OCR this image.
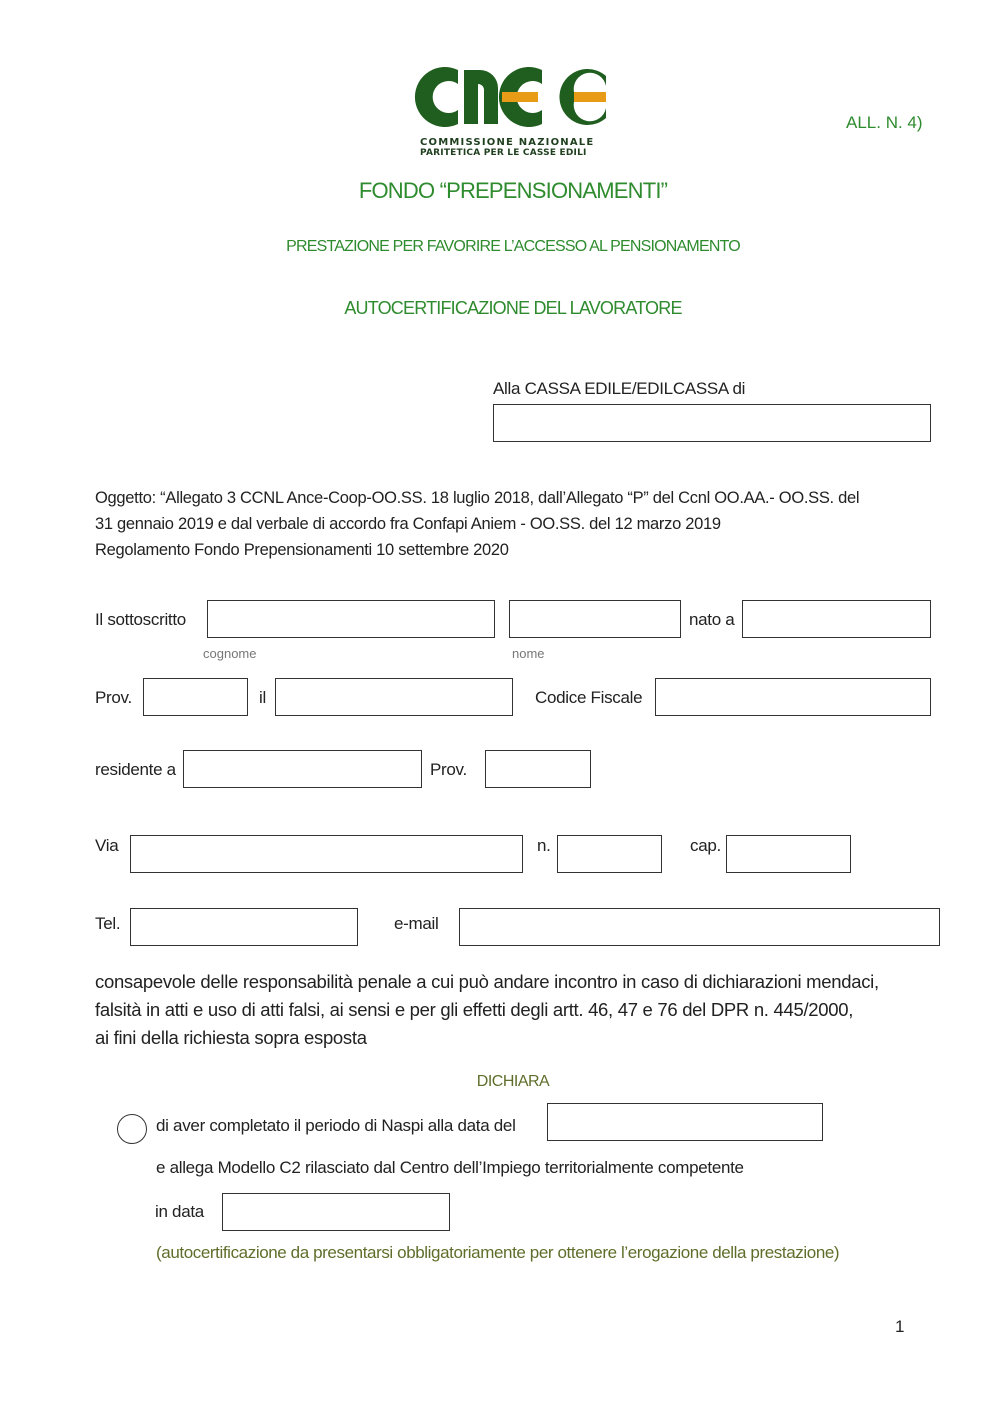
COMMISSIONE NAZIONALE
PARITETICA PER LE CASSE EDILI
ALL. N. 4)
FONDO “PREPENSIONAMENTI”
PRESTAZIONE PER FAVORIRE L’ACCESSO AL PENSIONAMENTO
AUTOCERTIFICAZIONE DEL LAVORATORE
Alla CASSA EDILE/EDILCASSA di
Oggetto: “Allegato 3 CCNL Ance-Coop-OO.SS. 18 luglio 2018, dall’Allegato “P” del Ccnl OO.AA.- OO.SS. del
31 gennaio 2019 e dal verbale di accordo fra Confapi Aniem - OO.SS. del 12 marzo 2019
Regolamento Fondo Prepensionamenti 10 settembre 2020
Il sottoscritto	nato a
cognome	nome
Prov.	il	Codice Fiscale
residente a	Prov.
Via	n.	cap.
Tel.	e-mail
consapevole delle responsabilità penale a cui può andare incontro in caso di dichiarazioni mendaci,
falsità in atti e uso di atti falsi, ai sensi e per gli effetti degli artt. 46, 47 e 76 del DPR n. 445/2000,
ai fini della richiesta sopra esposta
DICHIARA
di aver completato il periodo di Naspi alla data del
e allega Modello C2 rilasciato dal Centro dell’Impiego territorialmente competente
in data
(autocertificazione da presentarsi obbligatoriamente per ottenere l’erogazione della prestazione)
1
